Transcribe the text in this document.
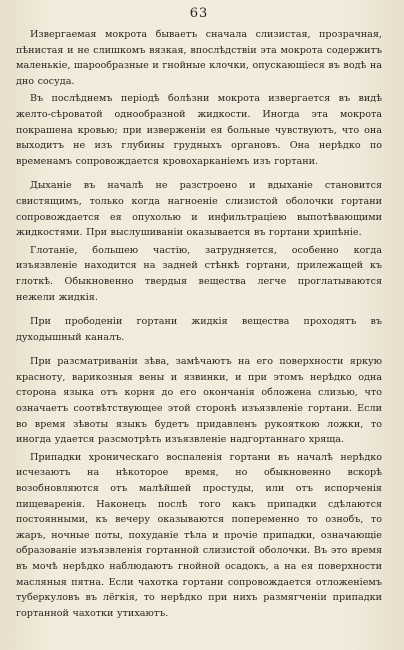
63

Извергаемая мокрота бываетъ сначала слизистая, прозрачная, пѣнистая и не слишкомъ вязкая, впослѣдствіи эта мокрота содержитъ маленькіе, шарообразные и гнойные клочки, опускающіеся въ водѣ на дно сосуда.

Въ послѣднемъ періодѣ болѣзни мокрота извергается въ видѣ желто-сѣроватой однообразной жидкости. Иногда эта мокрота покрашена кровью; при изверженіи ея больные чувствуютъ, что она выходитъ не изъ глубины грудныхъ органовъ. Она нерѣдко по временамъ сопровождается кровохарканіемъ изъ гортани.

Дыханіе въ началѣ не разстроено и вдыханіе становится свистящимъ, только когда нагноеніе слизистой оболочки гортани сопровождается ея опухолью и инфильтраціею выпотѣвающими жидкостями. При выслушиваніи оказывается въ гортани хрипѣніе.

Глотаніе, большею частію, затрудняется, особенно когда изъязвленіе находится на задней стѣнкѣ гортани, прилежащей къ глоткѣ. Обыкновенно твердыя вещества легче проглатываются нежели жидкія.

При прободеніи гортани жидкія вещества проходятъ въ духодышный каналъ.

При разсматриваніи зѣва, замѣчаютъ на его поверхности яркую красноту, варикозныя вены и язвинки, и при этомъ нерѣдко одна сторона языка отъ корня до его окончанія обложена слизью, что означаетъ соотвѣтствующее этой сторонѣ изъязвленіе гортани. Если во время зѣвоты языкъ будетъ придавленъ рукояткою ложки, то иногда удается разсмотрѣть изъязвленіе надгортаннаго хряща.

Припадки хроническаго воспаленія гортани въ началѣ нерѣдко исчезаютъ на нѣкоторое время, но обыкновенно вскорѣ возобновляются отъ малѣйшей простуды, или отъ испорченія пищеваренія. Наконецъ послѣ того какъ припадки сдѣлаются постоянными, къ вечеру оказываются попеременно то ознобъ, то жаръ, ночные поты, похуданіе тѣла и прочіе припадки, означающіе образованіе изъязвленія гортанной слизистой оболочки. Въ это время въ мочѣ нерѣдко наблюдаютъ гнойной осадокъ, а на ея поверхности масляныя пятна. Если чахотка гортани сопровождается отложеніемъ туберкуловъ въ лёгкія, то нерѣдко при нихъ размягченіи припадки гортанной чахотки утихаютъ.
